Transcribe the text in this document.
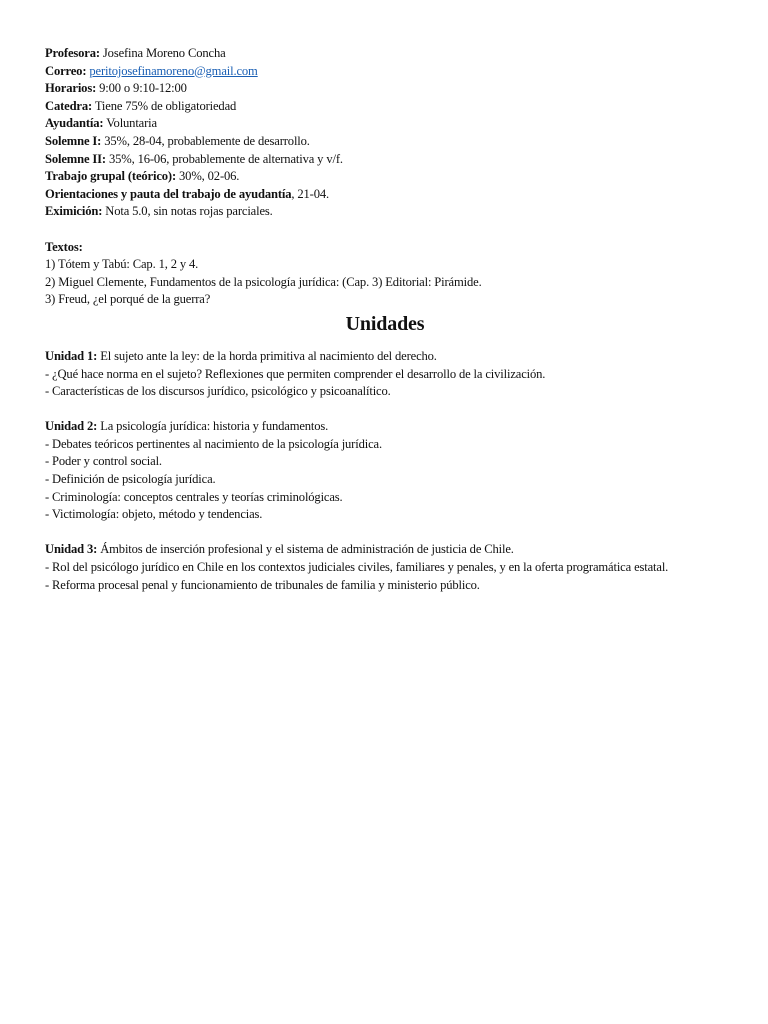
Profesora: Josefina Moreno Concha

Correo: peritojosefinamoreno@gmail.com

Horarios: 9:00 o 9:10-12:00

Catedra: Tiene 75% de obligatoriedad

Ayudantía: Voluntaria

Solemne I: 35%, 28-04, probablemente de desarrollo.

Solemne II: 35%, 16-06, probablemente de alternativa y v/f.

Trabajo grupal (teórico): 30%, 02-06.

Orientaciones y pauta del trabajo de ayudantía, 21-04.

Eximición: Nota 5.0, sin notas rojas parciales.

Textos:

1) Tótem y Tabú: Cap. 1, 2 y 4.

2) Miguel Clemente, Fundamentos de la psicología jurídica: (Cap. 3) Editorial: Pirámide.

3) Freud, ¿el porqué de la guerra?

Unidades

Unidad 1: El sujeto ante la ley: de la horda primitiva al nacimiento del derecho.

- ¿Qué hace norma en el sujeto? Reflexiones que permiten comprender el desarrollo de la civilización.

- Características de los discursos jurídico, psicológico y psicoanalítico.

Unidad 2: La psicología jurídica: historia y fundamentos.

- Debates teóricos pertinentes al nacimiento de la psicología jurídica.

- Poder y control social.

- Definición de psicología jurídica.

- Criminología: conceptos centrales y teorías criminológicas.

- Victimología: objeto, método y tendencias.

Unidad 3: Ámbitos de inserción profesional y el sistema de administración de justicia de Chile.

- Rol del psicólogo jurídico en Chile en los contextos judiciales civiles, familiares y penales, y en la oferta programática estatal.

- Reforma procesal penal y funcionamiento de tribunales de familia y ministerio público.
